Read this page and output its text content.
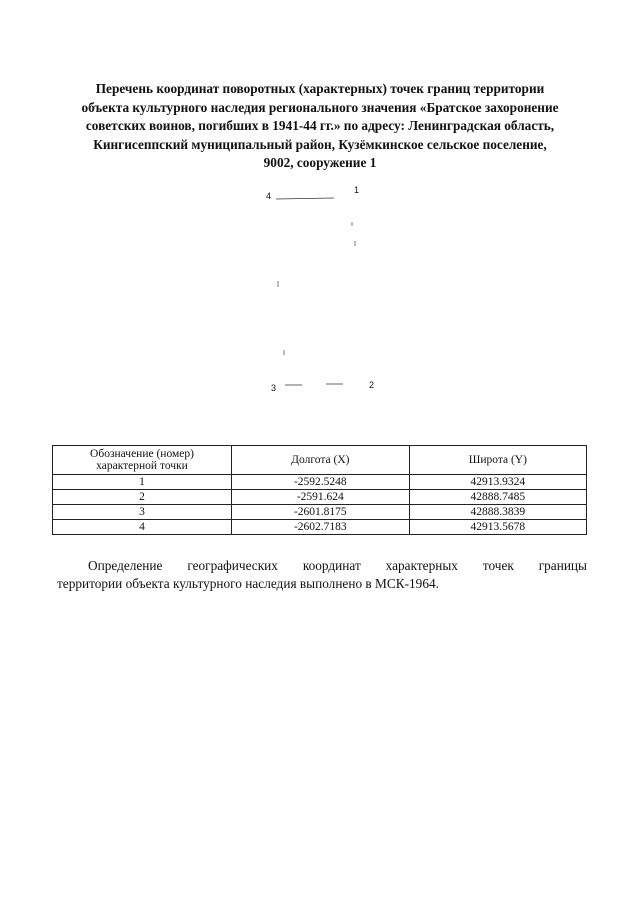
Перечень координат поворотных (характерных) точек границ территории
объекта культурного наследия регионального значения «Братское захоронение
советских воинов, погибших в 1941-44 гг.» по адресу: Ленинградская область,
Кингисеппский муниципальный район, Кузёмкинское сельское поселение,
9002, сооружение 1
1
2
3
4
Обозначение (номер)
характерной точки	Долгота (X)	Широта (Y)
1	-2592.5248	42913.9324
2	-2591.624	42888.7485
3	-2601.8175	42888.3839
4	-2602.7183	42913.5678

Определение географических координат характерных точек границы
территории объекта культурного наследия выполнено в МСК-1964.
